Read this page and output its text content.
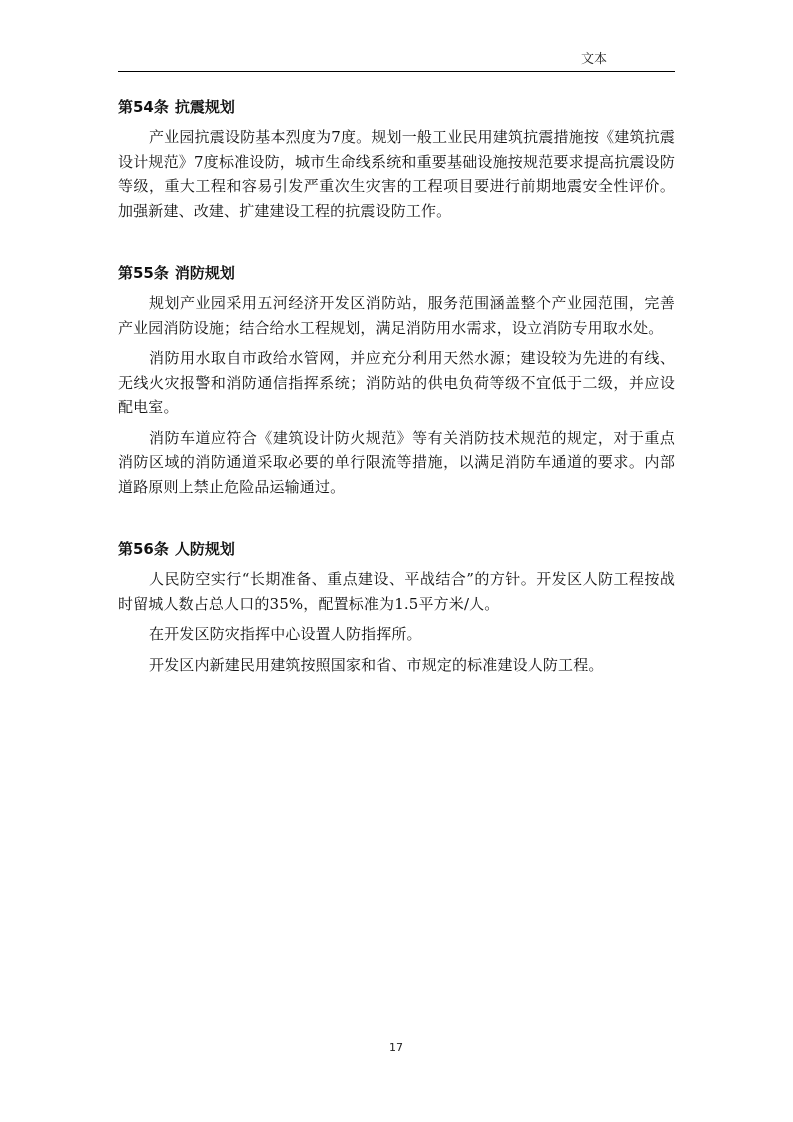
文本
第54条 抗震规划

产业园抗震设防基本烈度为7度。规划一般工业民用建筑抗震措施按《建筑抗震设计规范》7度标准设防，城市生命线系统和重要基础设施按规范要求提高抗震设防等级，重大工程和容易引发严重次生灾害的工程项目要进行前期地震安全性评价。加强新建、改建、扩建建设工程的抗震设防工作。

第55条 消防规划

规划产业园采用五河经济开发区消防站，服务范围涵盖整个产业园范围，完善产业园消防设施；结合给水工程规划，满足消防用水需求，设立消防专用取水处。

消防用水取自市政给水管网，并应充分利用天然水源；建设较为先进的有线、无线火灾报警和消防通信指挥系统；消防站的供电负荷等级不宜低于二级，并应设配电室。

消防车道应符合《建筑设计防火规范》等有关消防技术规范的规定，对于重点消防区域的消防通道采取必要的单行限流等措施，以满足消防车通道的要求。内部道路原则上禁止危险品运输通过。

第56条 人防规划

人民防空实行“长期准备、重点建设、平战结合”的方针。开发区人防工程按战时留城人数占总人口的35%，配置标准为1.5平方米/人。

在开发区防灾指挥中心设置人防指挥所。

开发区内新建民用建筑按照国家和省、市规定的标准建设人防工程。

17
